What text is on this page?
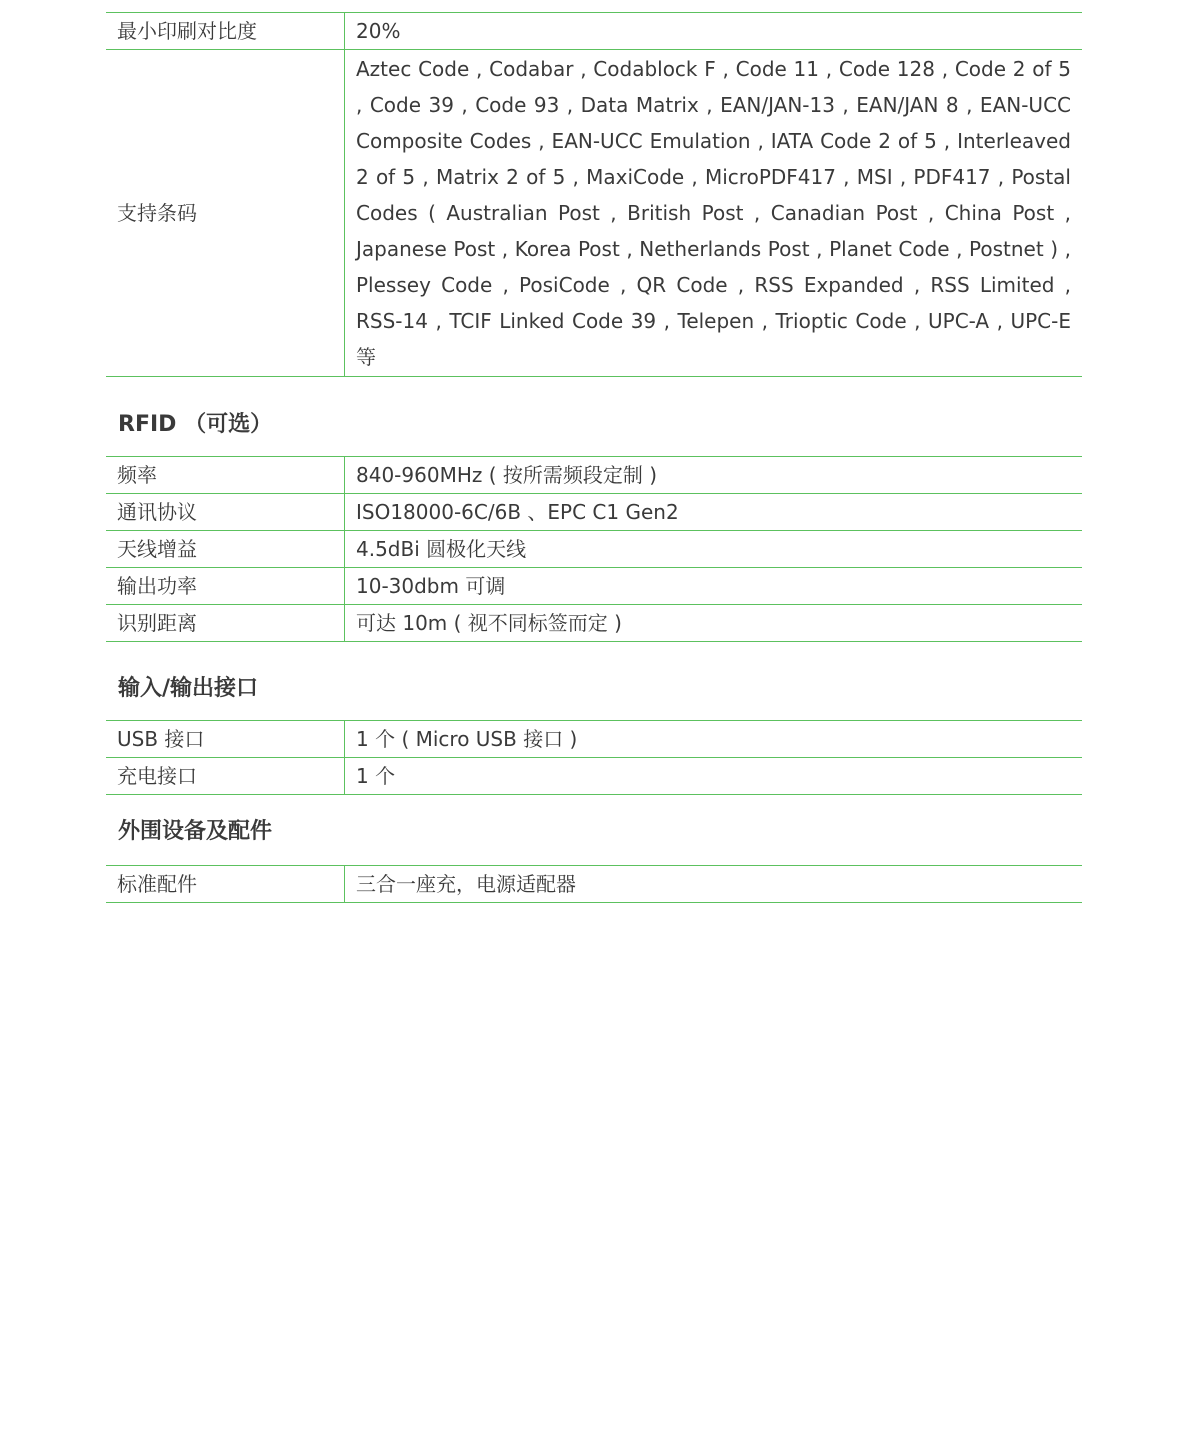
最小印刷对比度	20%
支持条码	Aztec Code , Codabar , Codablock F , Code 11 , Code 128 , Code 2 of 5 , Code 39 , Code 93 , Data Matrix , EAN/JAN-13 , EAN/JAN 8 , EAN-UCC Composite Codes , EAN-UCC Emulation , IATA Code 2 of 5 , Interleaved 2 of 5 , Matrix 2 of 5 , MaxiCode , MicroPDF417 , MSI , PDF417 , Postal Codes ( Australian Post , British Post , Canadian Post , China Post , Japanese Post , Korea Post , Netherlands Post , Planet Code , Postnet ) , Plessey Code , PosiCode , QR Code , RSS Expanded , RSS Limited , RSS-14 , TCIF Linked Code 39 , Telepen , Trioptic Code , UPC-A , UPC-E 等
RFID （可选）
频率	840-960MHz ( 按所需频段定制 )
通讯协议	ISO18000-6C/6B 、EPC C1 Gen2
天线增益	4.5dBi 圆极化天线
输出功率	10-30dbm 可调
识别距离	可达 10m ( 视不同标签而定 )
输入/输出接口
USB 接口	1 个 ( Micro USB 接口 )
充电接口	1 个
外围设备及配件
标准配件	三合一座充，电源适配器
